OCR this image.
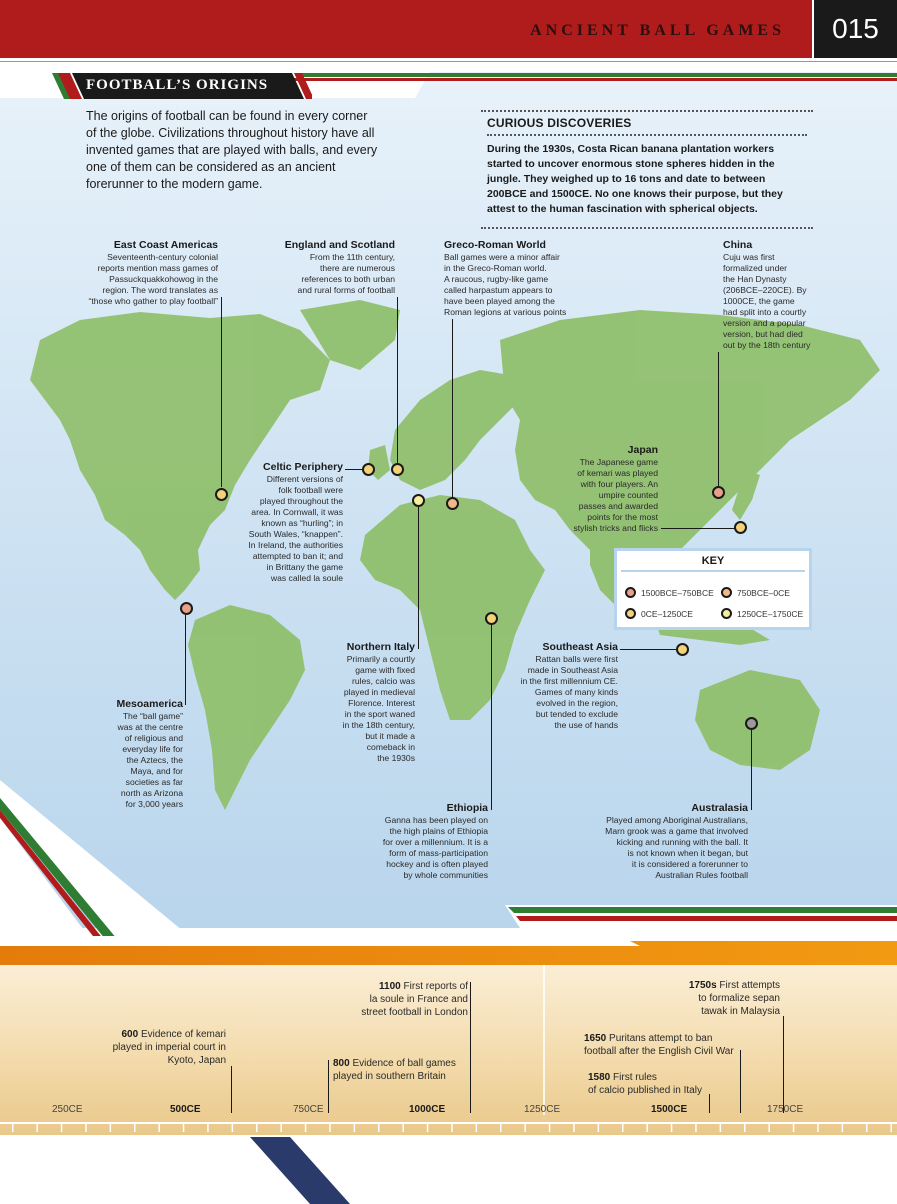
ANCIENT BALL GAMES	015
FOOTBALL’S ORIGINS
The origins of football can be found in every corner of the globe. Civilizations throughout history have all invented games that are played with balls, and every one of them can be considered as an ancient forerunner to the modern game.
CURIOUS DISCOVERIES
During the 1930s, Costa Rican banana plantation workers started to uncover enormous stone spheres hidden in the jungle. They weighed up to 16 tons and date to between 200BCE and 1500CE. No one knows their purpose, but they attest to the human fascination with spherical objects.
East Coast Americas
Seventeenth-century colonial
reports mention mass games of
Passuckquakkohowog in the
region. The word translates as
“those who gather to play football”
England and Scotland
From the 11th century,
there are numerous
references to both urban
and rural forms of football
Greco-Roman World
Ball games were a minor affair
in the Greco-Roman world.
A raucous, rugby-like game
called harpastum appears to
have been played among the
Roman legions at various points
China
Cuju was first
formalized under
the Han Dynasty
(206BCE–220CE). By
1000CE, the game
had split into a courtly
version and a popular
version, but had died
out by the 18th century
Celtic Periphery
Different versions of
folk football were
played throughout the
area. In Cornwall, it was
known as “hurling”; in
South Wales, “knappen”.
In Ireland, the authorities
attempted to ban it; and
in Brittany the game
was called la soule
Japan
The Japanese game
of kemari was played
with four players. An
umpire counted
passes and awarded
points for the most
stylish tricks and flicks
Northern Italy
Primarily a courtly
game with fixed
rules, calcio was
played in medieval
Florence. Interest
in the sport waned
in the 18th century,
but it made a
comeback in
the 1930s
Southeast Asia
Rattan balls were first
made in Southeast Asia
in the first millennium CE.
Games of many kinds
evolved in the region,
but tended to exclude
the use of hands
Mesoamerica
The “ball game”
was at the centre
of religious and
everyday life for
the Aztecs, the
Maya, and for
societies as far
north as Arizona
for 3,000 years	Ethiopia
Ganna has been played on
the high plains of Ethiopia
for over a millennium. It is a
form of mass-participation
hockey and is often played
by whole communities
Australasia
Played among Aboriginal Australians,
Marn grook was a game that involved
kicking and running with the ball. It
is not known when it began, but
it is considered a forerunner to
Australian Rules football
KEY
1500BCE–750BCE	750BCE–0CE
0CE–1250CE	1250CE–1750CE
600 Evidence of kemari
played in imperial court in
Kyoto, Japan	800 Evidence of ball games
played in southern Britain
1100 First reports of
la soule in France and
street football in London
1580 First rules
of calcio published in Italy
1650 Puritans attempt to ban
football after the English Civil War
1750s First attempts
to formalize sepan
tawak in Malaysia
250CE	500CE	750CE	1000CE	1250CE	1500CE	1750CE
